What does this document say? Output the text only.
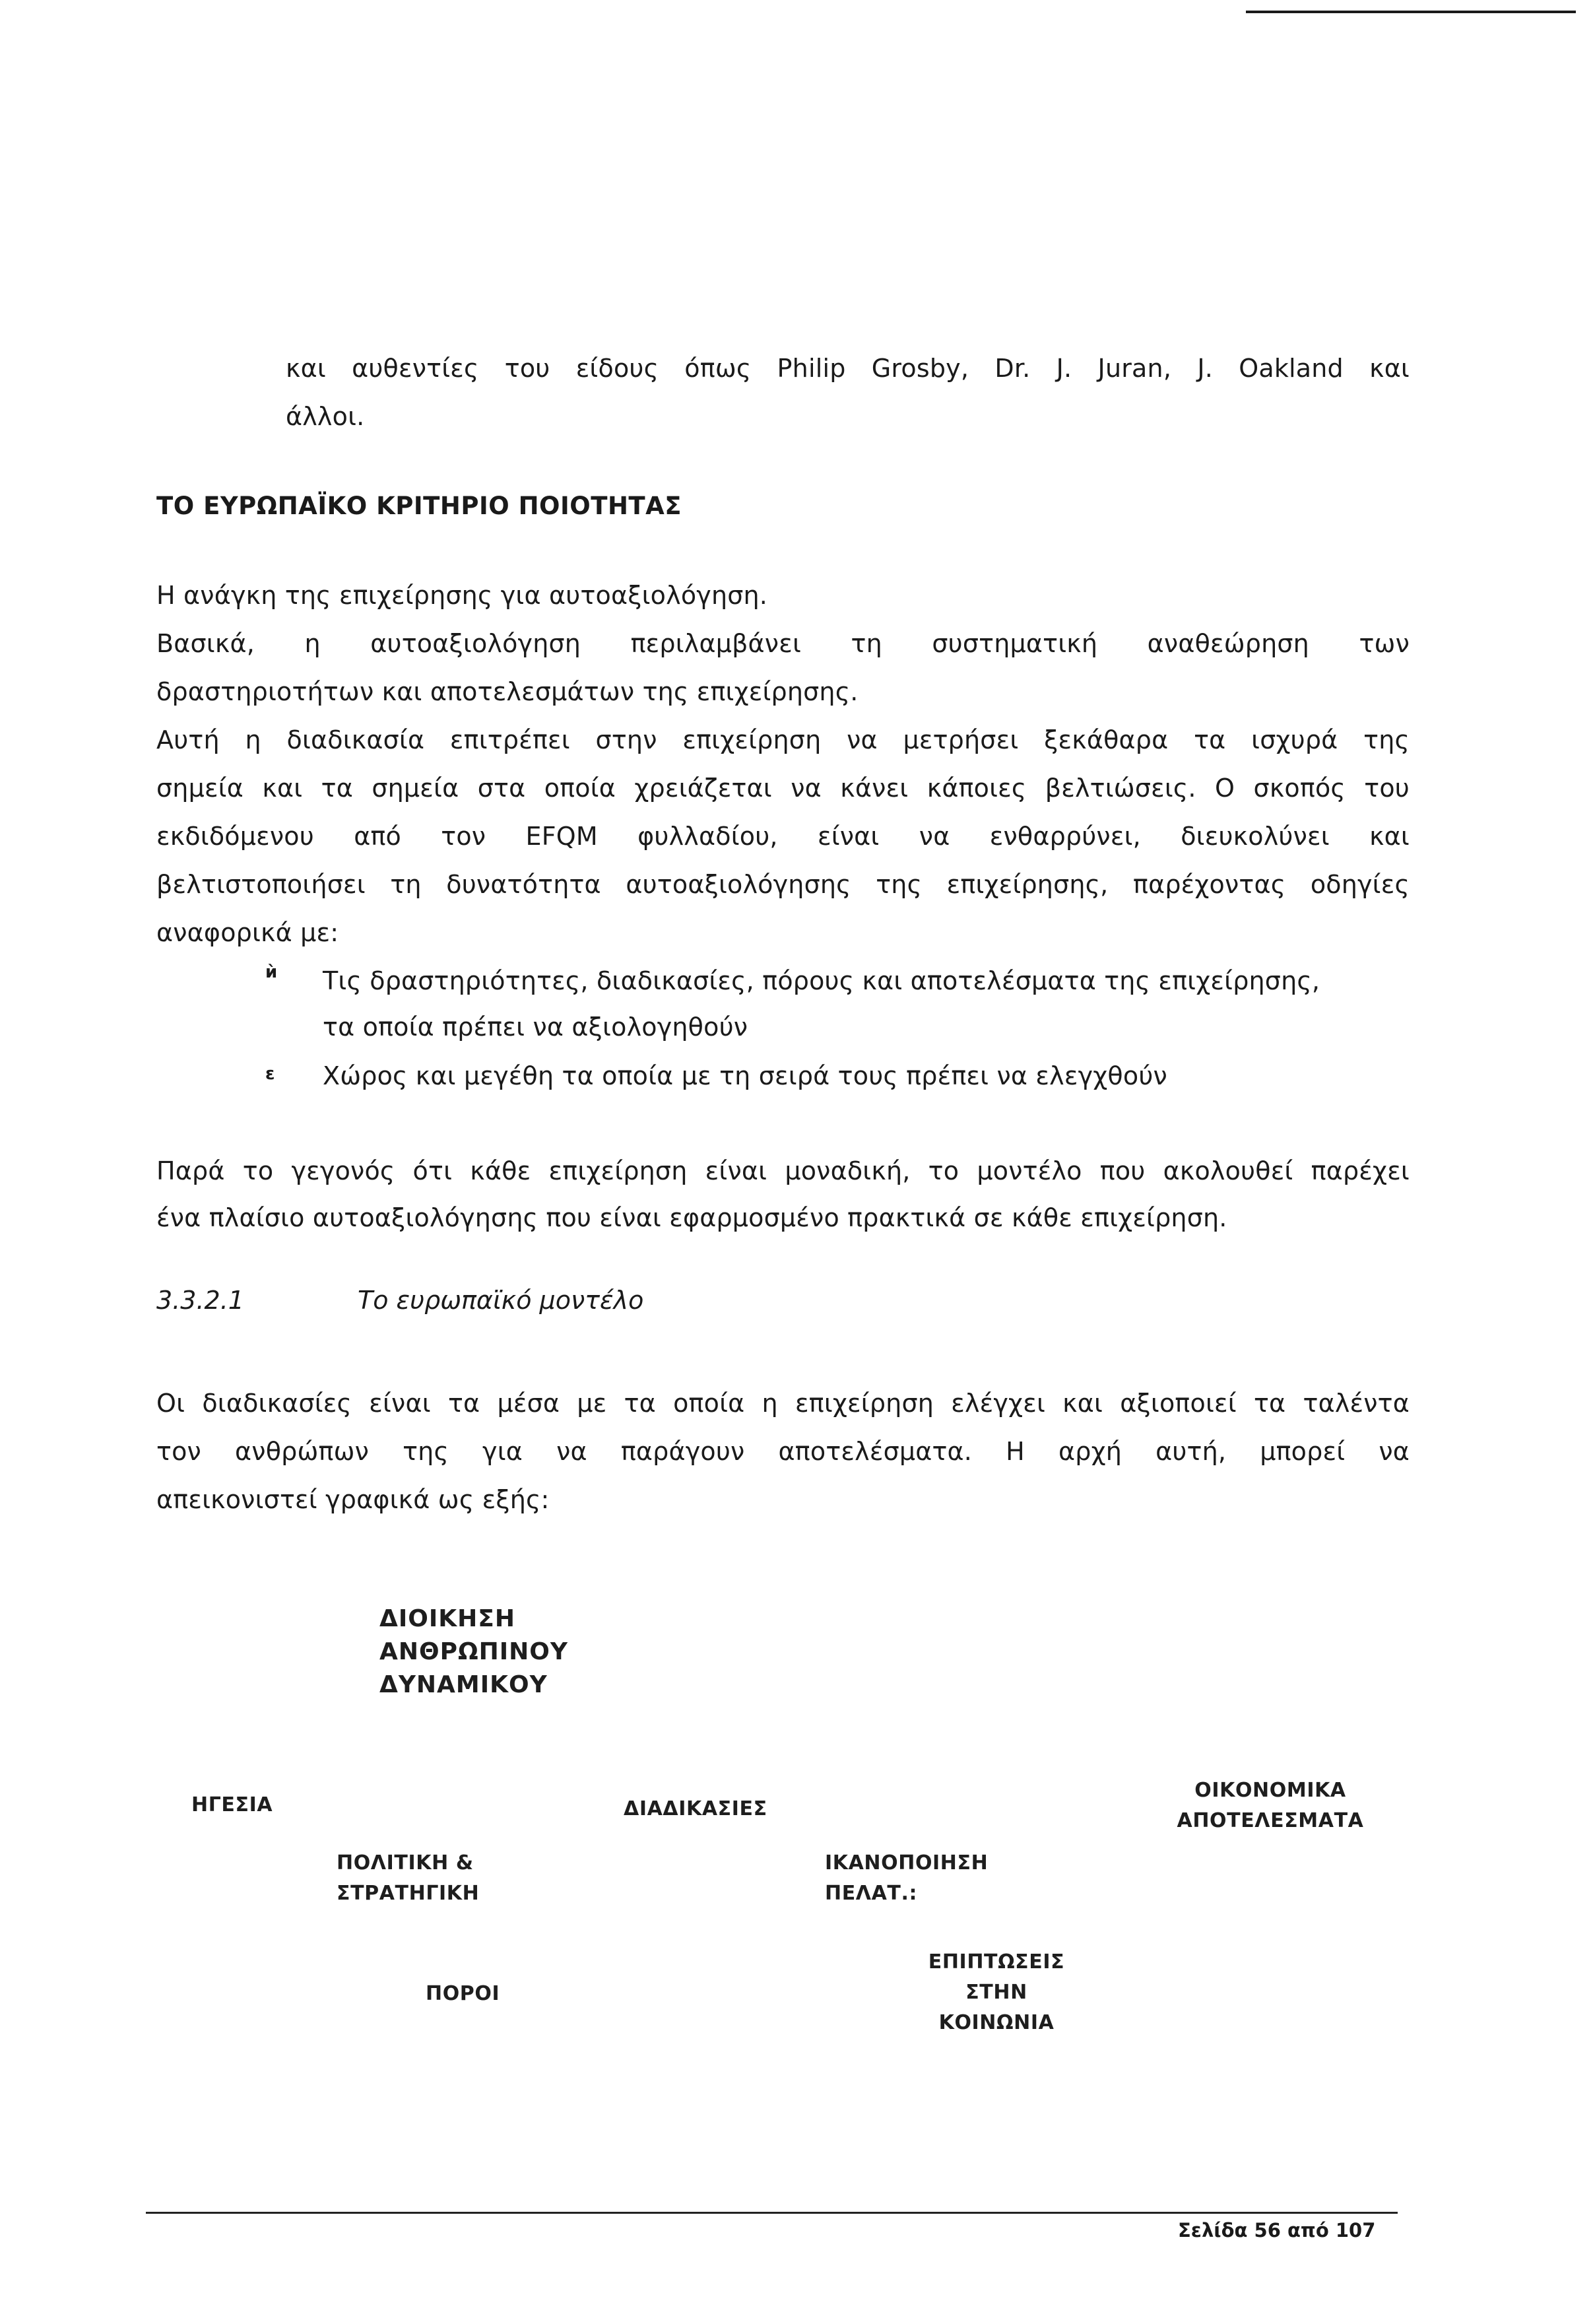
και αυθεντίες του είδους όπως Philip Grosby, Dr. J. Juran, J. Oakland και
άλλοι.
ΤΟ ΕΥΡΩΠΑΪΚΟ ΚΡΙΤΗΡΙΟ ΠΟΙΟΤΗΤΑΣ
Η ανάγκη της επιχείρησης για αυτοαξιολόγηση.
Βασικά, η αυτοαξιολόγηση περιλαμβάνει τη συστηματική αναθεώρηση των
δραστηριοτήτων και αποτελεσμάτων της επιχείρησης.
Αυτή η διαδικασία επιτρέπει στην επιχείρηση να μετρήσει ξεκάθαρα τα ισχυρά της
σημεία και τα σημεία στα οποία χρειάζεται να κάνει κάποιες βελτιώσεις. Ο σκοπός του
εκδιδόμενου από τον EFQM φυλλαδίου, είναι να ενθαρρύνει, διευκολύνει και
βελτιστοποιήσει τη δυνατότητα αυτοαξιολόγησης της επιχείρησης, παρέχοντας οδηγίες
αναφορικά με:
ѝ Τις δραστηριότητες, διαδικασίες, πόρους και αποτελέσματα της επιχείρησης,
τα οποία πρέπει να αξιολογηθούν
ε Χώρος και μεγέθη τα οποία με τη σειρά τους πρέπει να ελεγχθούν
Παρά το γεγονός ότι κάθε επιχείρηση είναι μοναδική, το μοντέλο που ακολουθεί παρέχει
ένα πλαίσιο αυτοαξιολόγησης που είναι εφαρμοσμένο πρακτικά σε κάθε επιχείρηση.
3.3.2.1	Το ευρωπαϊκό μοντέλο
Οι διαδικασίες είναι τα μέσα με τα οποία η επιχείρηση ελέγχει και αξιοποιεί τα ταλέντα
τον ανθρώπων της για να παράγουν αποτελέσματα. Η αρχή αυτή, μπορεί να
απεικονιστεί γραφικά ως εξής:
ΔΙΟΙΚΗΣΗ
ΑΝΘΡΩΠΙΝΟΥ
ΔΥΝΑΜΙΚΟΥ
ΗΓΕΣΙΑ	ΔΙΑΔΙΚΑΣΙΕΣ
ΟΙΚΟΝΟΜΙΚΑ
ΑΠΟΤΕΛΕΣΜΑΤΑ
ΠΟΛΙΤΙΚΗ &
ΣΤΡΑΤΗΓΙΚΗ
ΙΚΑΝΟΠΟΙΗΣΗ
ΠΕΛΑΤ.:
ΠΟΡΟΙ
ΕΠΙΠΤΩΣΕΙΣ
ΣΤΗΝ
ΚΟΙΝΩΝΙΑ
Σελίδα 56 από 107
